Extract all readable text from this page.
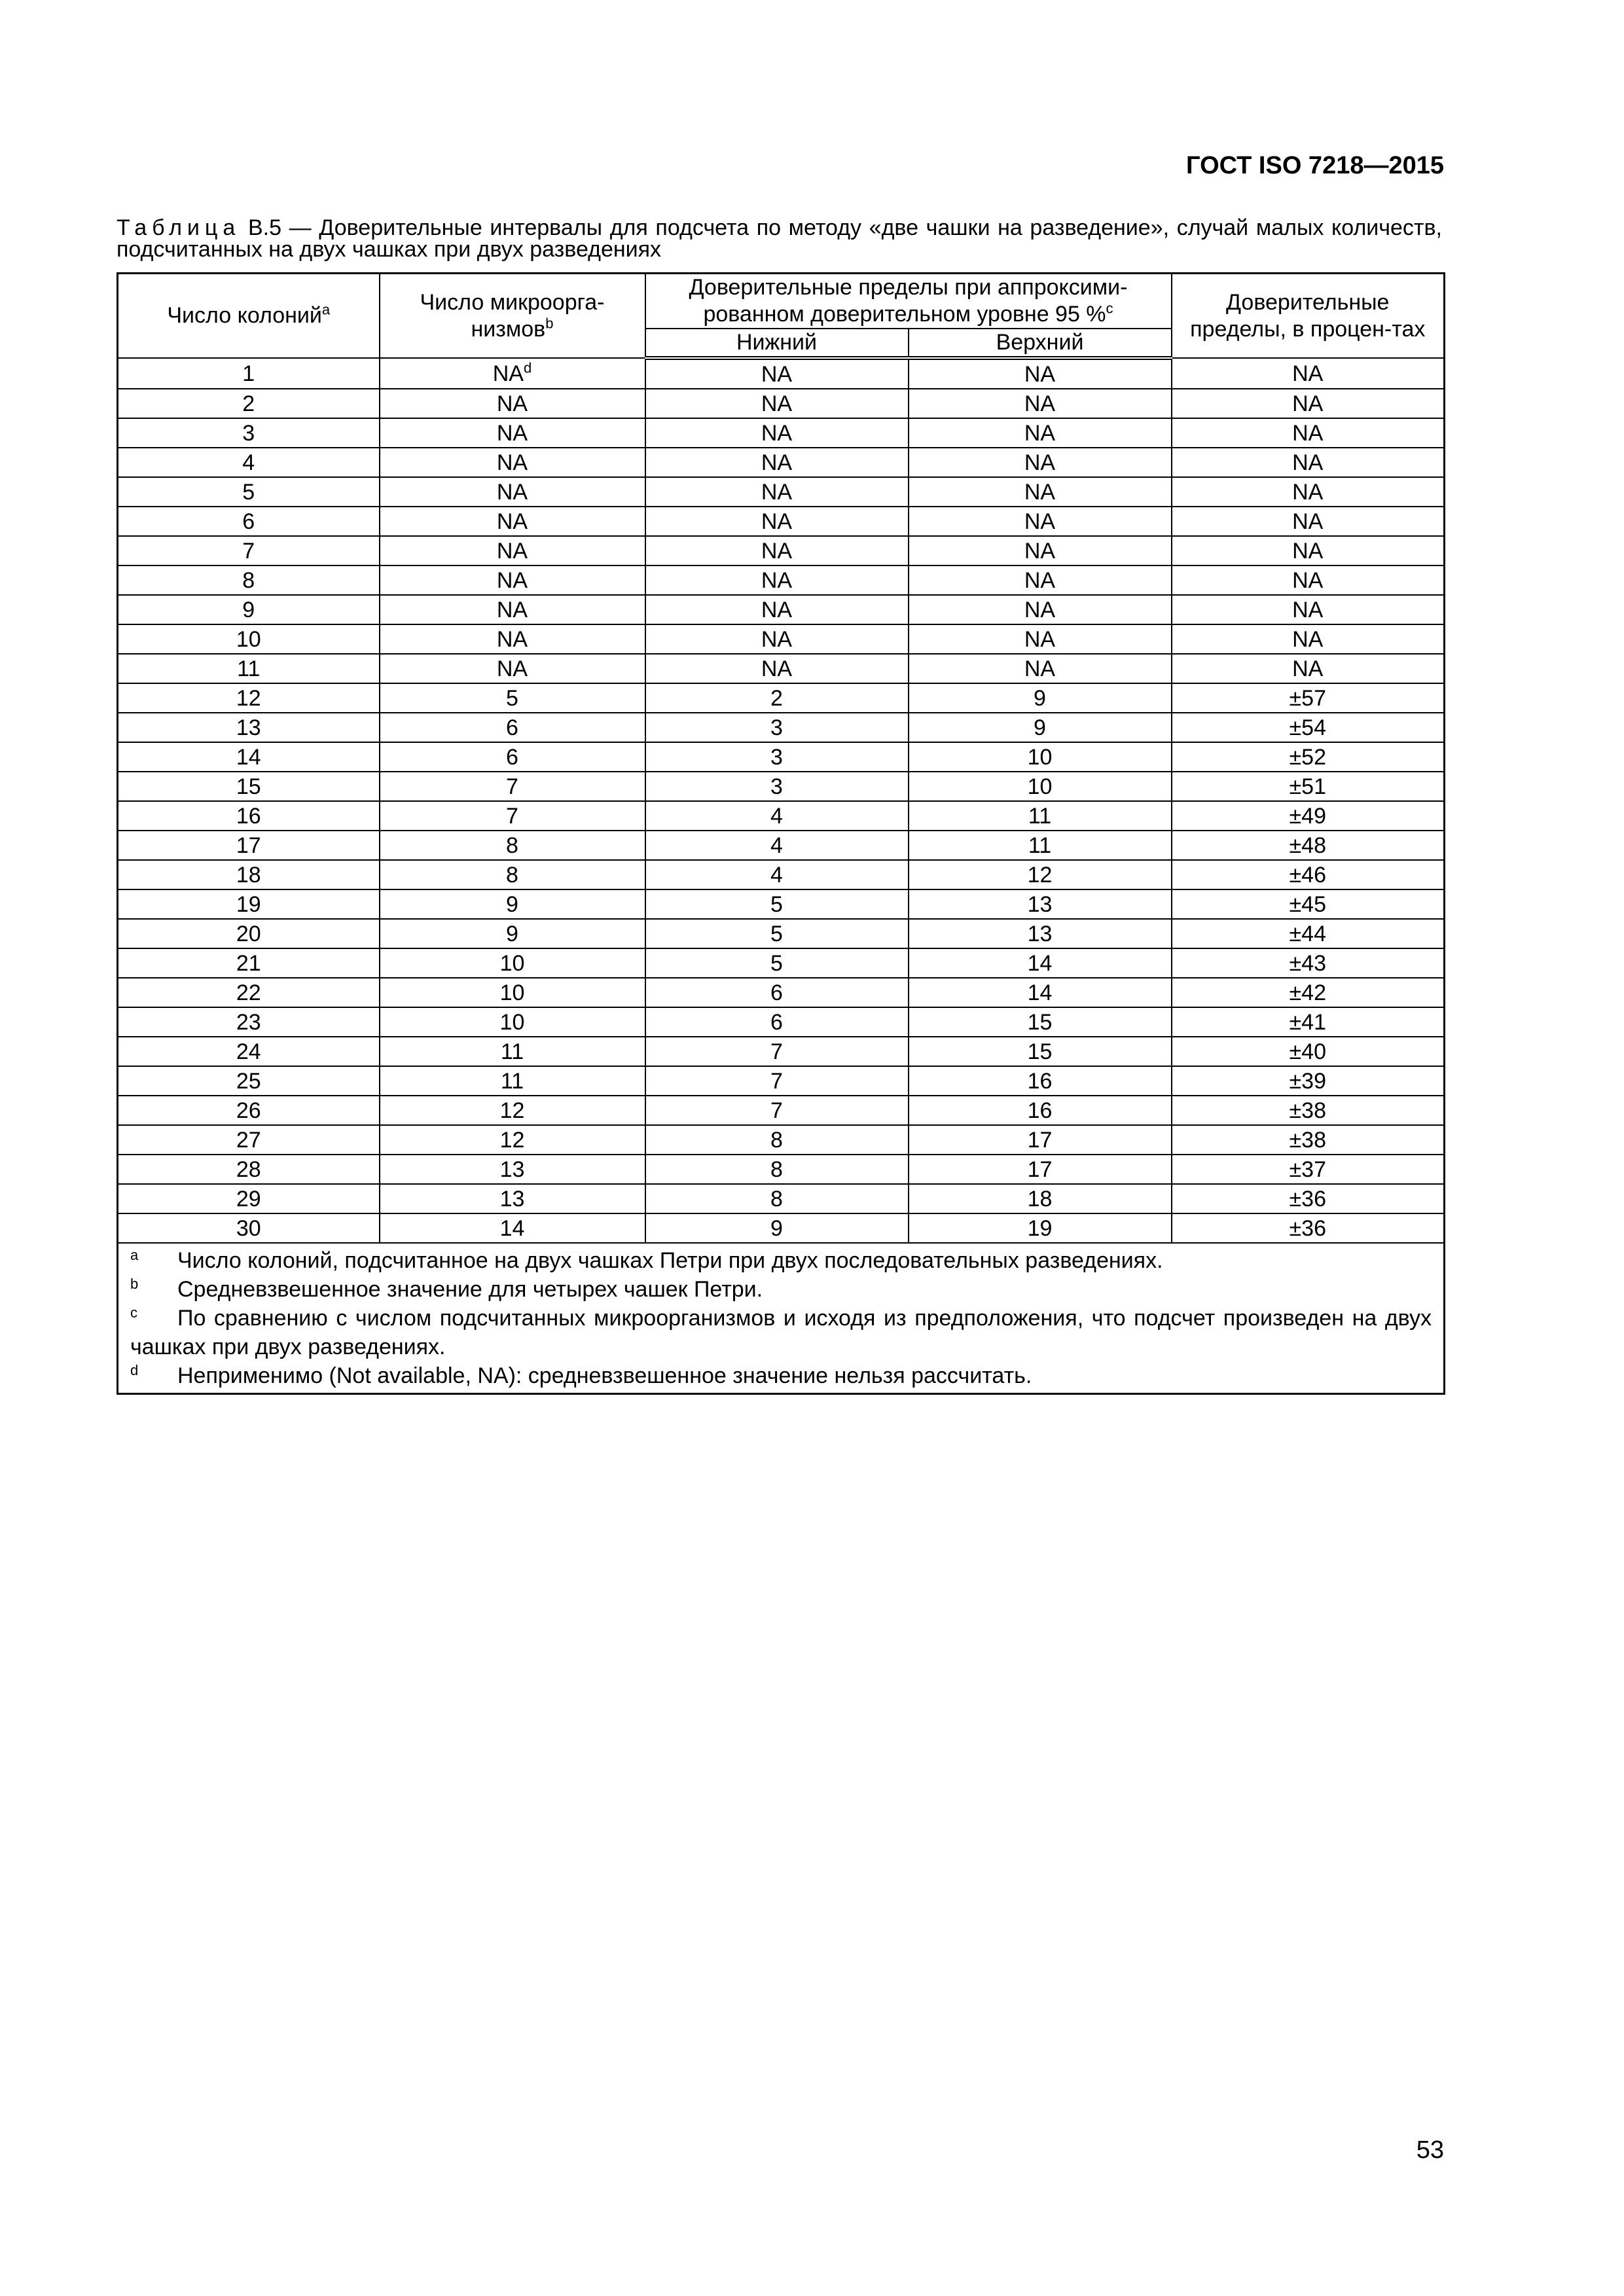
ГОСТ ISO 7218—2015
Таблица B.5 — Доверительные интервалы для подсчета по методу «две чашки на разведение», случай малых количеств, подсчитанных на двух чашках при двух разведениях
Число колоний$^a$	Число микроорга-низмов$^b$	Доверительные пределы при аппроксими-рованном доверительном уровне 95 %$^c$		Доверительные пределы, в процен-тах
		Нижний	Верхний	
1	$NA^d$	NA	NA	NA
2	NA	NA	NA	NA
3	NA	NA	NA	NA
4	NA	NA	NA	NA
5	NA	NA	NA	NA
6	NA	NA	NA	NA
7	NA	NA	NA	NA
8	NA	NA	NA	NA
9	NA	NA	NA	NA
10	NA	NA	NA	NA
11	NA	NA	NA	NA
12	5	2	9	±57
13	6	3	9	±54
14	6	3	10	±52
15	7	3	10	±51
16	7	4	11	±49
17	8	4	11	±48
18	8	4	12	±46
19	9	5	13	±45
20	9	5	13	±44
21	10	5	14	±43
22	10	6	14	±42
23	10	6	15	±41
24	11	7	15	±40
25	11	7	16	±39
26	12	7	16	±38
27	12	8	17	±38
28	13	8	17	±37
29	13	8	18	±36
30	14	9	19	±36

a Число колоний, подсчитанное на двух чашках Петри при двух последовательных разведениях.
b Средневзвешенное значение для четырех чашек Петри.
c По сравнению с числом подсчитанных микроорганизмов и исходя из предположения, что подсчет произведен на двух чашках при двух разведениях.
d Неприменимо (Not available, NA): средневзвешенное значение нельзя рассчитать.				
53
